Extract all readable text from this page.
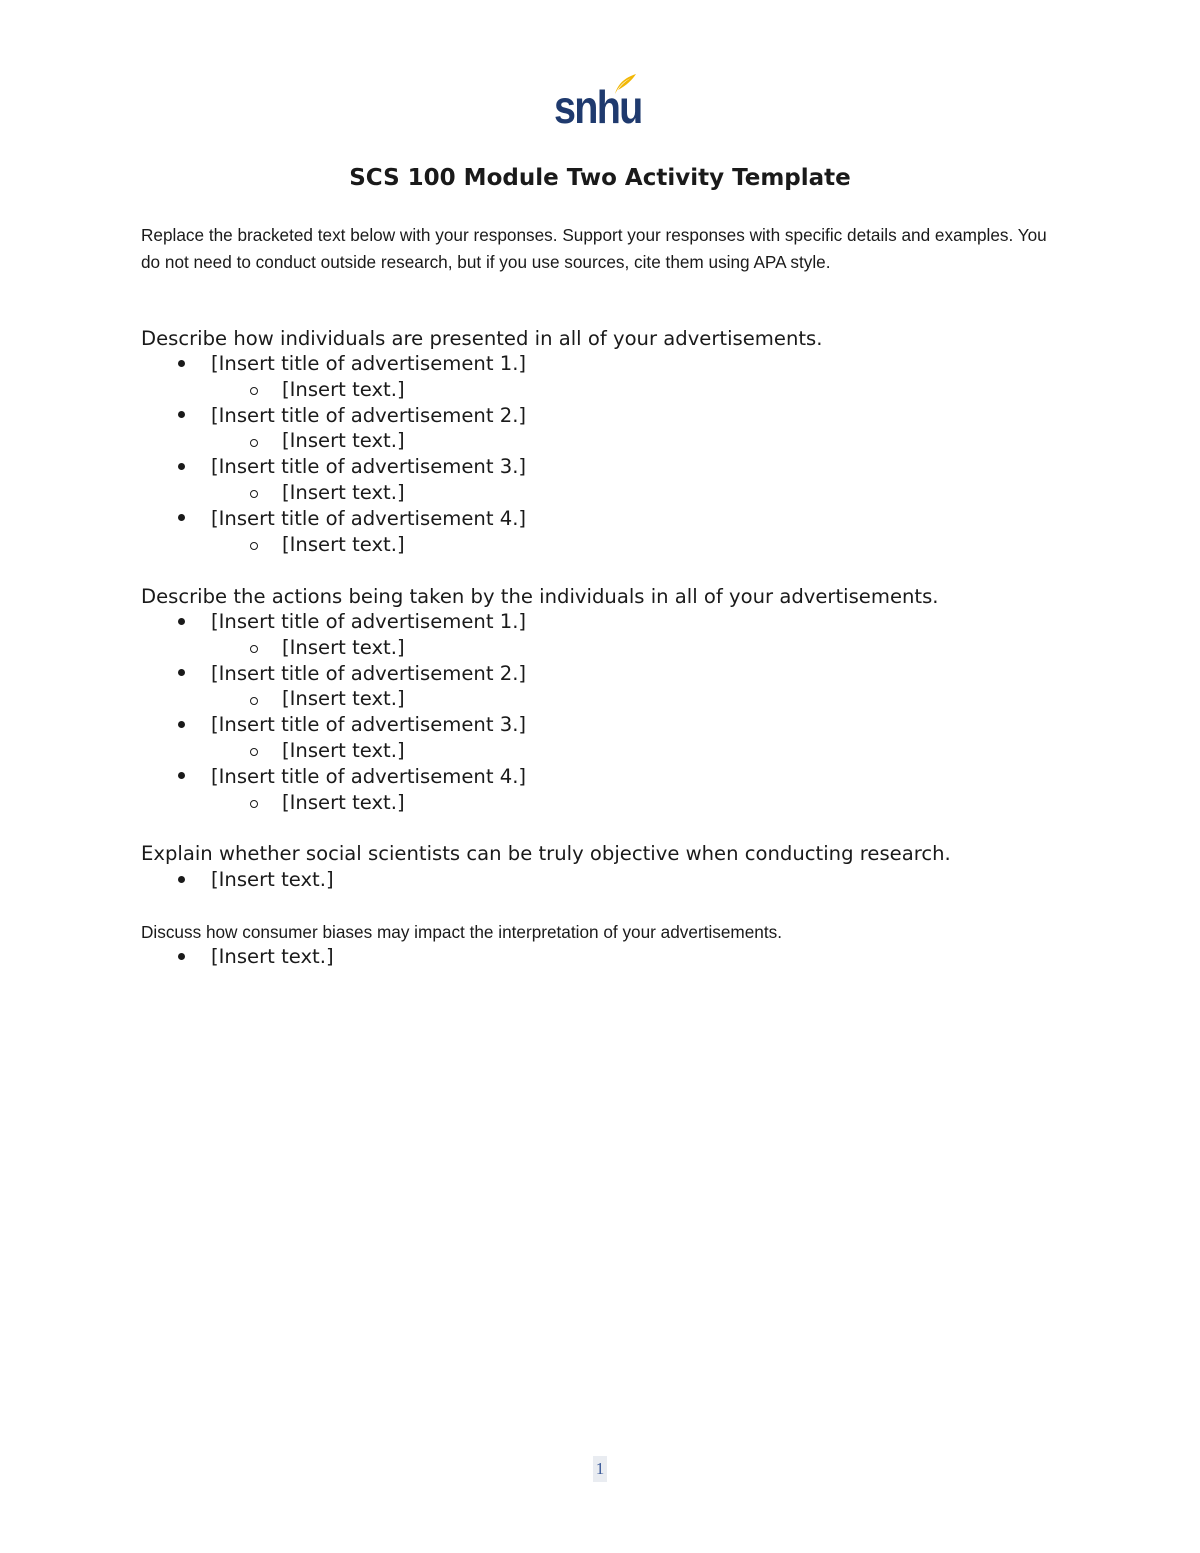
snhu
SCS 100 Module Two Activity Template

Replace the bracketed text below with your responses. Support your responses with specific details and examples. You do not need to conduct outside research, but if you use sources, cite them using APA style.

Describe how individuals are presented in all of your advertisements.

[Insert title of advertisement 1.]
[Insert text.]
[Insert title of advertisement 2.]
[Insert text.]
[Insert title of advertisement 3.]
[Insert text.]
[Insert title of advertisement 4.]
[Insert text.]

Describe the actions being taken by the individuals in all of your advertisements.

[Insert title of advertisement 1.]
[Insert text.]
[Insert title of advertisement 2.]
[Insert text.]
[Insert title of advertisement 3.]
[Insert text.]
[Insert title of advertisement 4.]
[Insert text.]

Explain whether social scientists can be truly objective when conducting research.

[Insert text.]

Discuss how consumer biases may impact the interpretation of your advertisements.

[Insert text.]
1
